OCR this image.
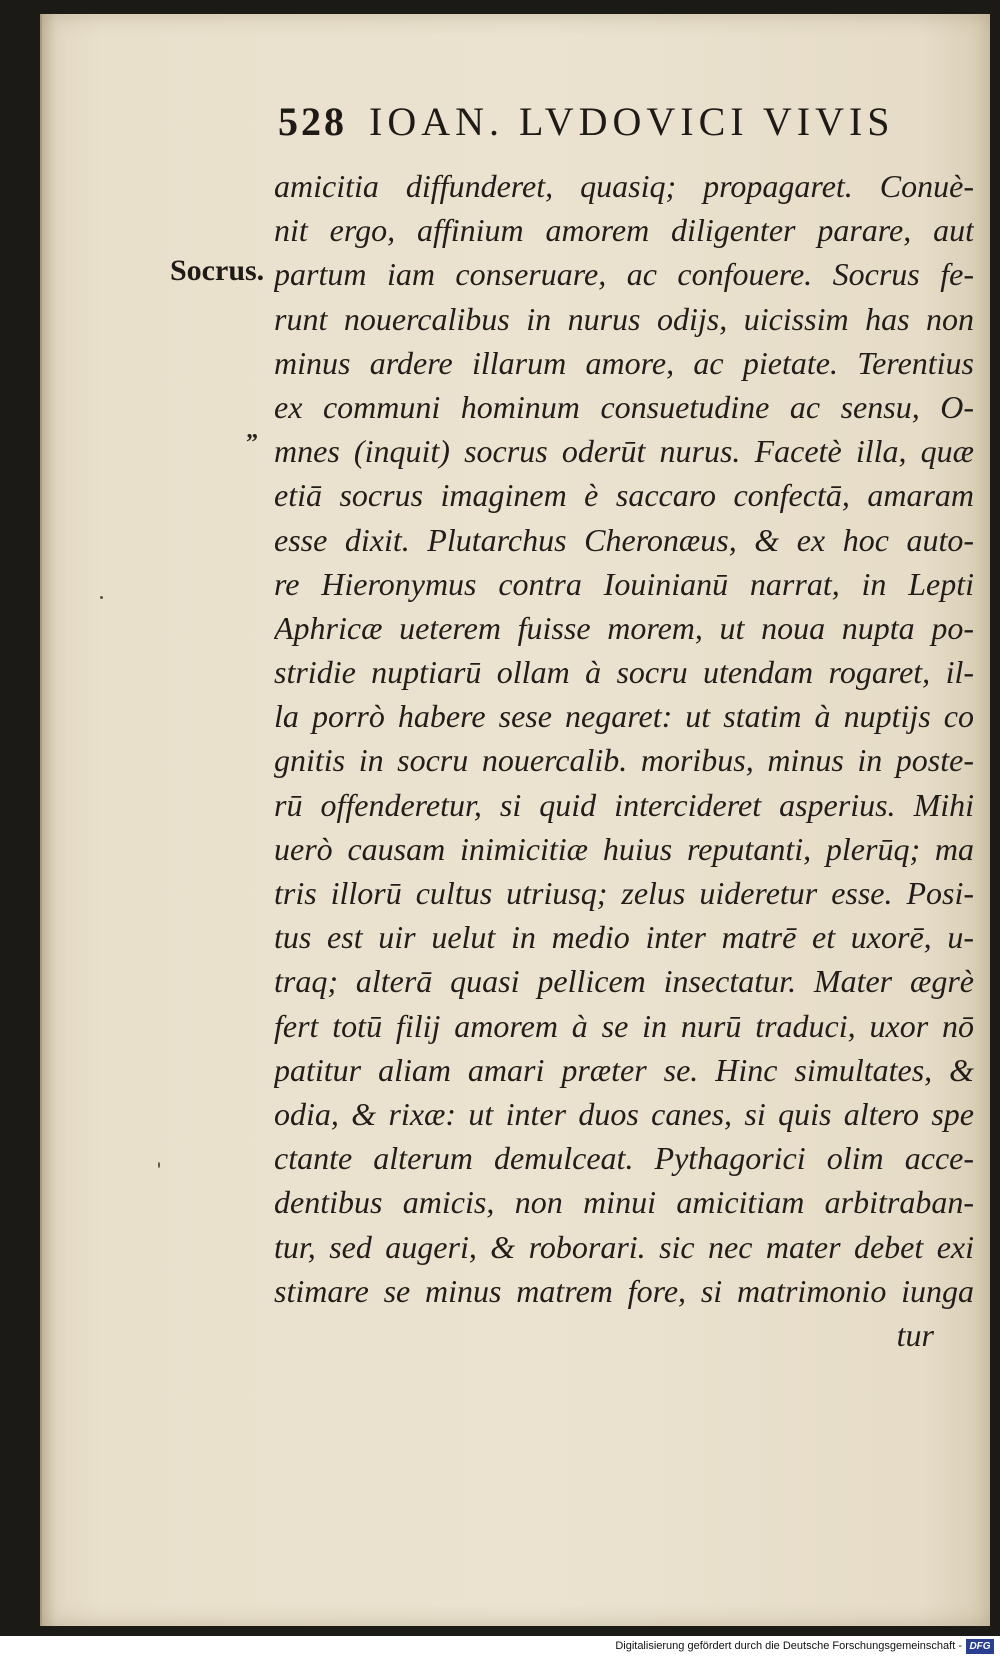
528 IOAN. LVDOVICI VIVIS
Socrus.
”
amicitia diffunderet, quasiq; propagaret. Conuè-
nit ergo, affinium amorem diligenter parare, aut
partum iam conseruare, ac confouere. Socrus fe-
runt nouercalibus in nurus odijs, uicissim has non
minus ardere illarum amore, ac pietate. Terentius
ex communi hominum consuetudine ac sensu, O-
mnes (inquit) socrus oderūt nurus. Facetè illa, quæ
etiā socrus imaginem è saccaro confectā, amaram
esse dixit. Plutarchus Cheronæus, & ex hoc auto-
re Hieronymus contra Iouinianū narrat, in Lepti
Aphricæ ueterem fuisse morem, ut noua nupta po-
stridie nuptiarū ollam à socru utendam rogaret, il-
la porrò habere sese negaret: ut statim à nuptijs co
gnitis in socru nouercalib. moribus, minus in poste-
rū offenderetur, si quid intercideret asperius. Mihi
uerò causam inimicitiæ huius reputanti, plerūq; ma
tris illorū cultus utriusq; zelus uideretur esse. Posi-
tus est uir uelut in medio inter matrē et uxorē, u-
traq; alterā quasi pellicem insectatur. Mater ægrè
fert totū filij amorem à se in nurū traduci, uxor nō
patitur aliam amari præter se. Hinc simultates, &
odia, & rixæ: ut inter duos canes, si quis altero spe
ctante alterum demulceat. Pythagorici olim acce-
dentibus amicis, non minui amicitiam arbitraban-
tur, sed augeri, & roborari. sic nec mater debet exi
stimare se minus matrem fore, si matrimonio iunga
tur
Digitalisierung gefördert durch die Deutsche Forschungsgemeinschaft - DFG
